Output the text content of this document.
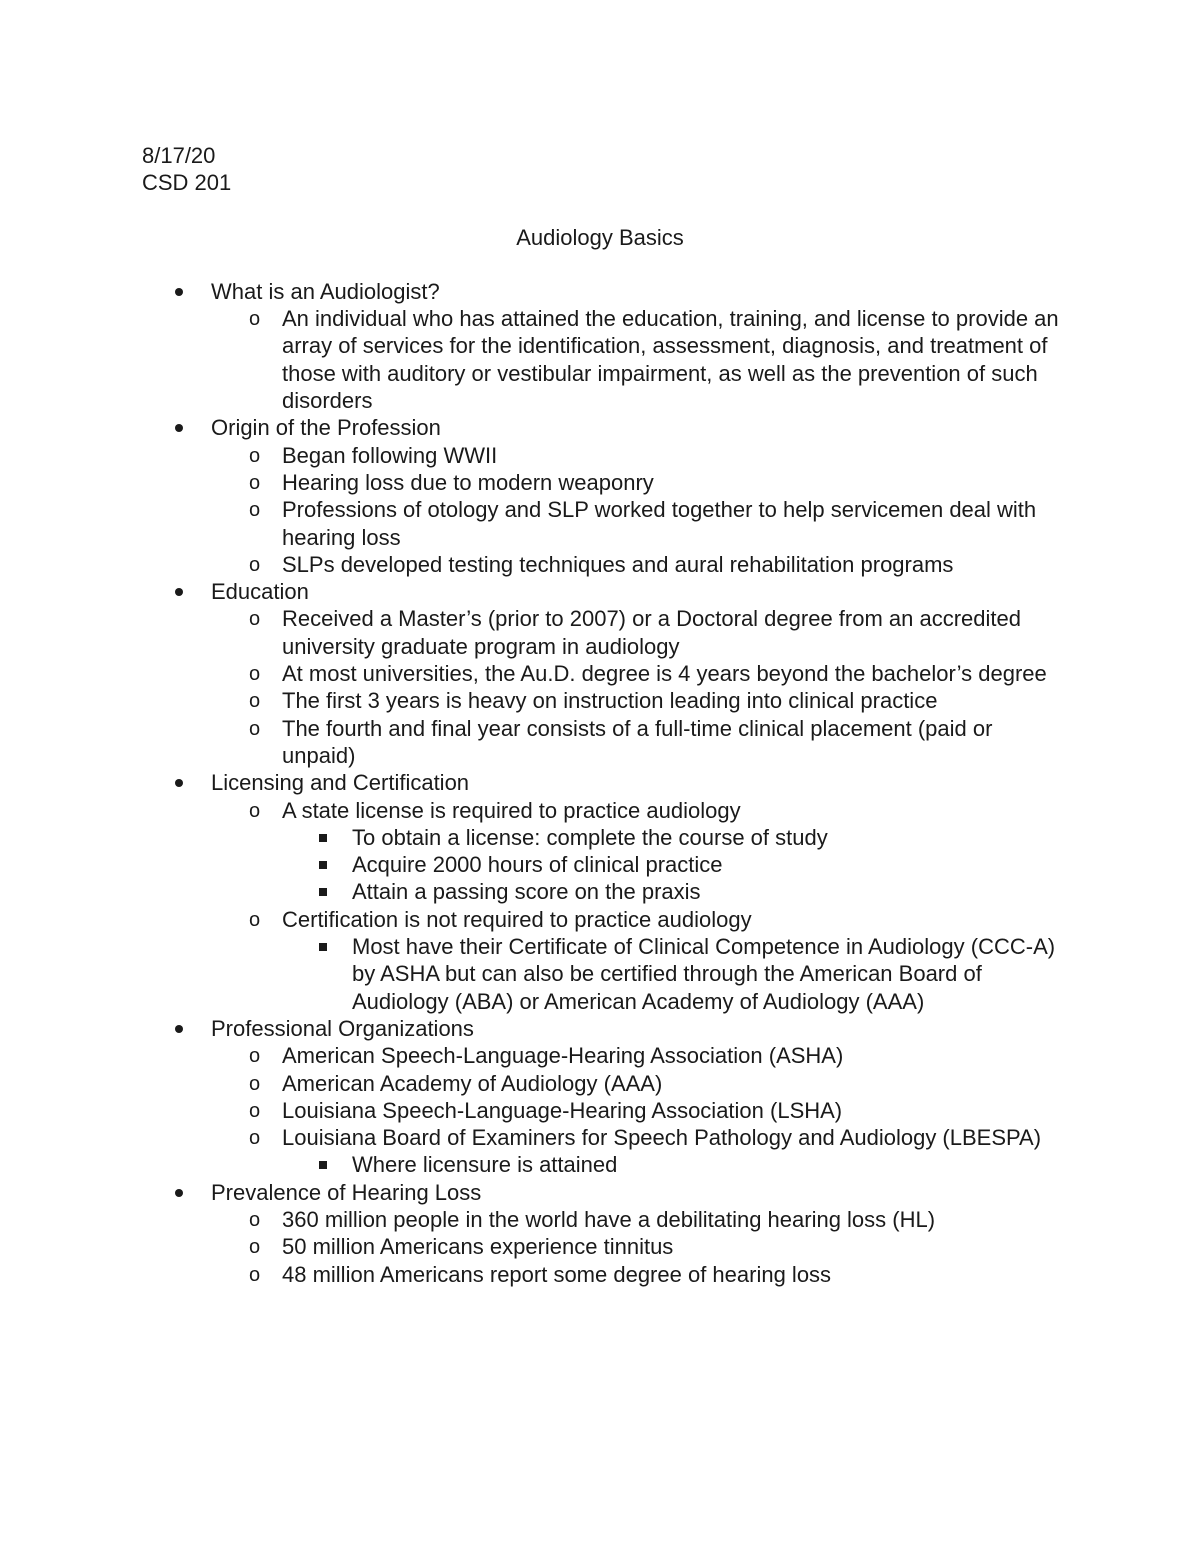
8/17/20

CSD 201

Audiology Basics

What is an Audiologist?
o An individual who has attained the education, training, and license to provide an array of services for the identification, assessment, diagnosis, and treatment of those with auditory or vestibular impairment, as well as the prevention of such disorders
Origin of the Profession
o Began following WWII
o Hearing loss due to modern weaponry
o Professions of otology and SLP worked together to help servicemen deal with hearing loss
o SLPs developed testing techniques and aural rehabilitation programs
Education
o Received a Master’s (prior to 2007) or a Doctoral degree from an accredited university graduate program in audiology
o At most universities, the Au.D. degree is 4 years beyond the bachelor’s degree
o The first 3 years is heavy on instruction leading into clinical practice
o The fourth and final year consists of a full-time clinical placement (paid or unpaid)
Licensing and Certification
o A state license is required to practice audiology
To obtain a license: complete the course of study
Acquire 2000 hours of clinical practice
Attain a passing score on the praxis
o Certification is not required to practice audiology
Most have their Certificate of Clinical Competence in Audiology (CCC-A) by ASHA but can also be certified through the American Board of Audiology (ABA) or American Academy of Audiology (AAA)
Professional Organizations
o American Speech-Language-Hearing Association (ASHA)
o American Academy of Audiology (AAA)
o Louisiana Speech-Language-Hearing Association (LSHA)
o Louisiana Board of Examiners for Speech Pathology and Audiology (LBESPA)
Where licensure is attained
Prevalence of Hearing Loss
o 360 million people in the world have a debilitating hearing loss (HL)
o 50 million Americans experience tinnitus
o 48 million Americans report some degree of hearing loss
